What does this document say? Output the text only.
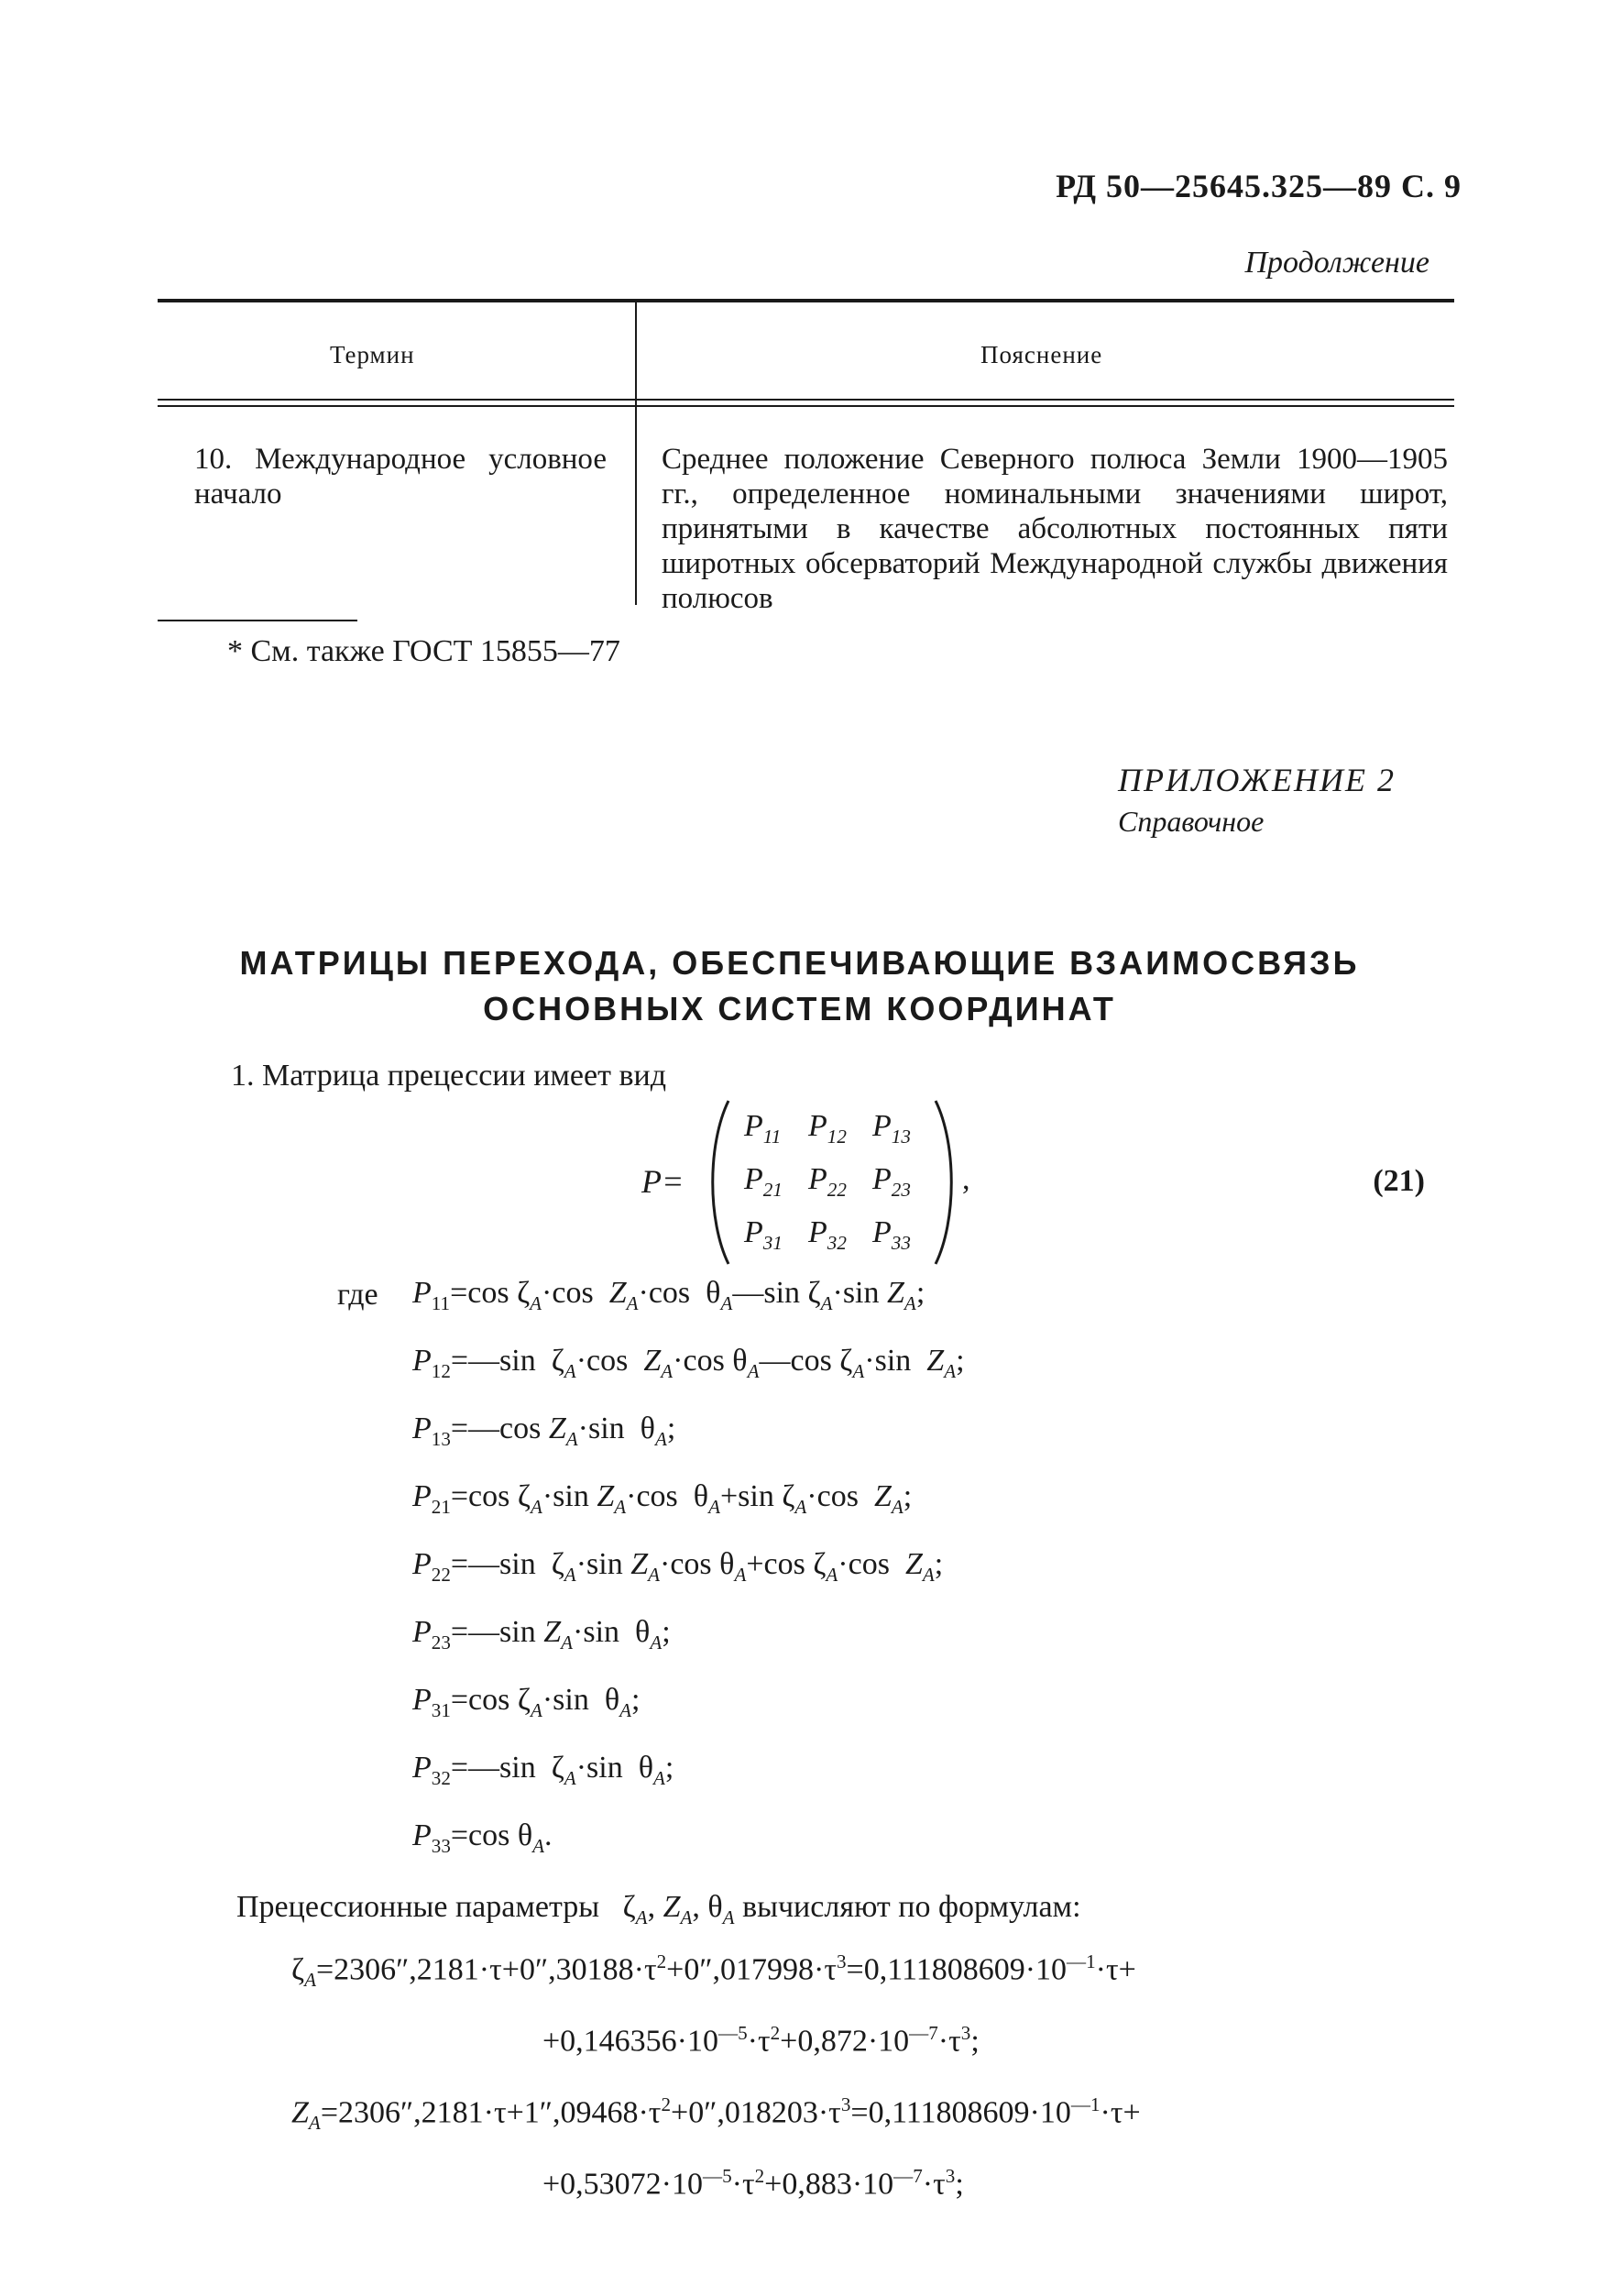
РД 50—25645.325—89 С. 9
Продолжение
Термин	Пояснение
10. Международное условное начало
Среднее положение Северного полюса Земли 1900—1905 гг., определенное номинальными значениями широт, принятыми в качестве абсолютных постоянных пяти широтных обсерваторий Международной службы движения полюсов
* См. также ГОСТ 15855—77
ПРИЛОЖЕНИЕ 2
Справочное
МАТРИЦЫ ПЕРЕХОДА, ОБЕСПЕЧИВАЮЩИЕ ВЗАИМОСВЯЗЬ
ОСНОВНЫХ СИСТЕМ КООРДИНАТ
1. Матрица прецессии имеет вид
P=
$P_{11}$ $P_{12}$ $P_{13}$
$P_{21}$ $P_{22}$ $P_{23}$
$P_{31}$ $P_{32}$ $P_{33}$
,	(21)
где $P_{11}=\cos$ $\zeta_A\cdot\cos$  $Z_A\cdot\cos$  $\theta_A—\sin$ $\zeta_A\cdot\sin$ $Z_A$;
$P_{12}=—\sin$  $\zeta_A\cdot\cos$  $Z_A\cdot\cos$ $\theta_A—\cos$ $\zeta_A\cdot\sin$  $Z_A$;
$P_{13}=—\cos$ $Z_A\cdot\sin$  $\theta_A$;
$P_{21}=\cos$ $\zeta_A\cdot\sin$ $Z_A\cdot\cos$  $\theta_A+\sin$ $\zeta_A\cdot\cos$  $Z_A$;
$P_{22}=—\sin$  $\zeta_A\cdot\sin$ $Z_A\cdot\cos$ $\theta_A+\cos$ $\zeta_A\cdot\cos$  $Z_A$;
$P_{23}=—\sin$ $Z_A\cdot\sin$  $\theta_A$;
$P_{31}=\cos$ $\zeta_A\cdot\sin$  $\theta_A$;
$P_{32}=—\sin$  $\zeta_A\cdot\sin$  $\theta_A$;
$P_{33}=\cos$ $\theta_A$.
Прецессионные параметры   $\zeta_A$, $Z_A$, $\theta_A$ вычисляют по формулам:
$\zeta_A=2306'',2181\cdot\tau+0'',30188\cdot\tau^2+0'',017998\cdot\tau^3=0,111808609\cdot 10^{—1}\cdot\tau+$
$+0,146356\cdot 10^{—5}\cdot\tau^2+0,872\cdot 10^{—7}\cdot\tau^3$;
$Z_A=2306'',2181\cdot\tau+1'',09468\cdot\tau^2+0'',018203\cdot\tau^3=0,111808609\cdot 10^{—1}\cdot\tau+$
$+0,53072\cdot 10^{—5}\cdot\tau^2+0,883\cdot 10^{—7}\cdot\tau^3$;
